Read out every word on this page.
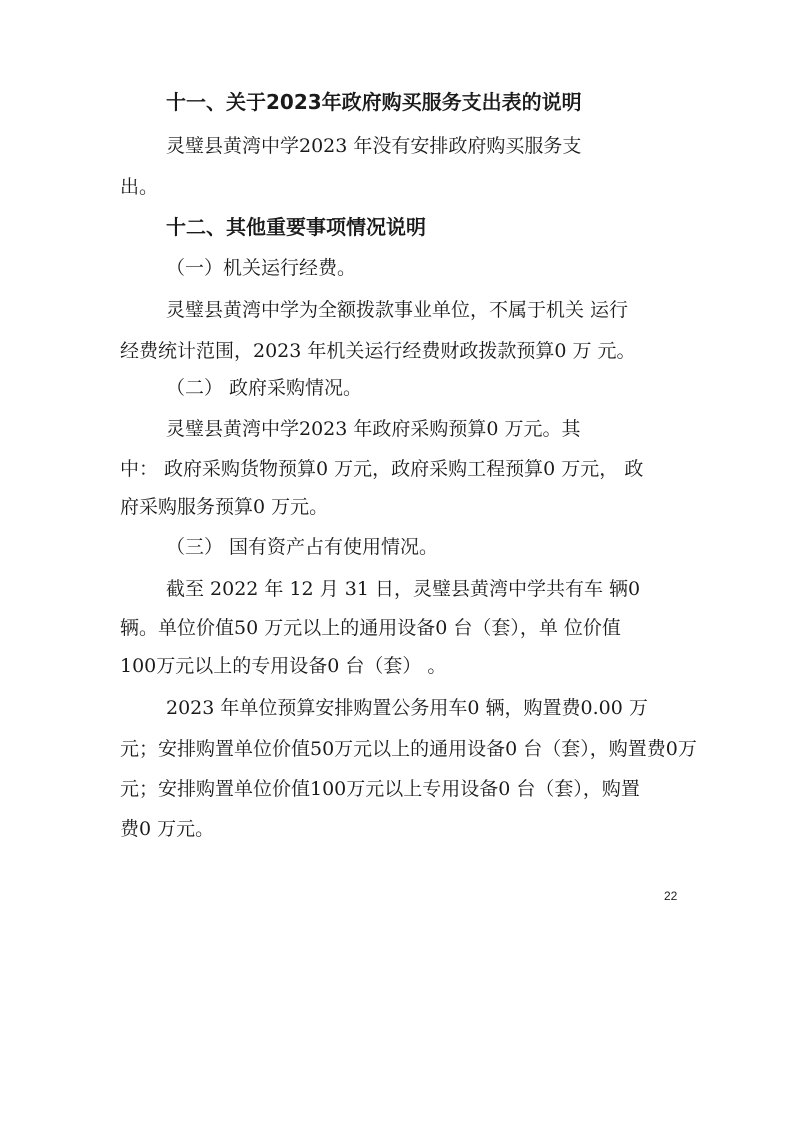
十一、关于2023年政府购买服务支出表的说明
灵璧县黄湾中学2023 年没有安排政府购买服务支
出。
十二、其他重要事项情况说明
（一）机关运行经费。
灵璧县黄湾中学为全额拨款事业单位，不属于机关 运行
经费统计范围，2023 年机关运行经费财政拨款预算0 万 元。
（二） 政府采购情况。
灵璧县黄湾中学2023 年政府采购预算0 万元。其
中： 政府采购货物预算0 万元，政府采购工程预算0 万元， 政
府采购服务预算0 万元。
（三） 国有资产占有使用情况。
截至 2022 年 12 月 31 日，灵璧县黄湾中学共有车 辆0
辆。单位价值50 万元以上的通用设备0 台（套），单 位价值
100万元以上的专用设备0 台（套） 。
2023 年单位预算安排购置公务用车0 辆，购置费0.00 万
元；安排购置单位价值50万元以上的通用设备0 台（套），购置费0万
元；安排购置单位价值100万元以上专用设备0 台（套），购置
费0 万元。
22
